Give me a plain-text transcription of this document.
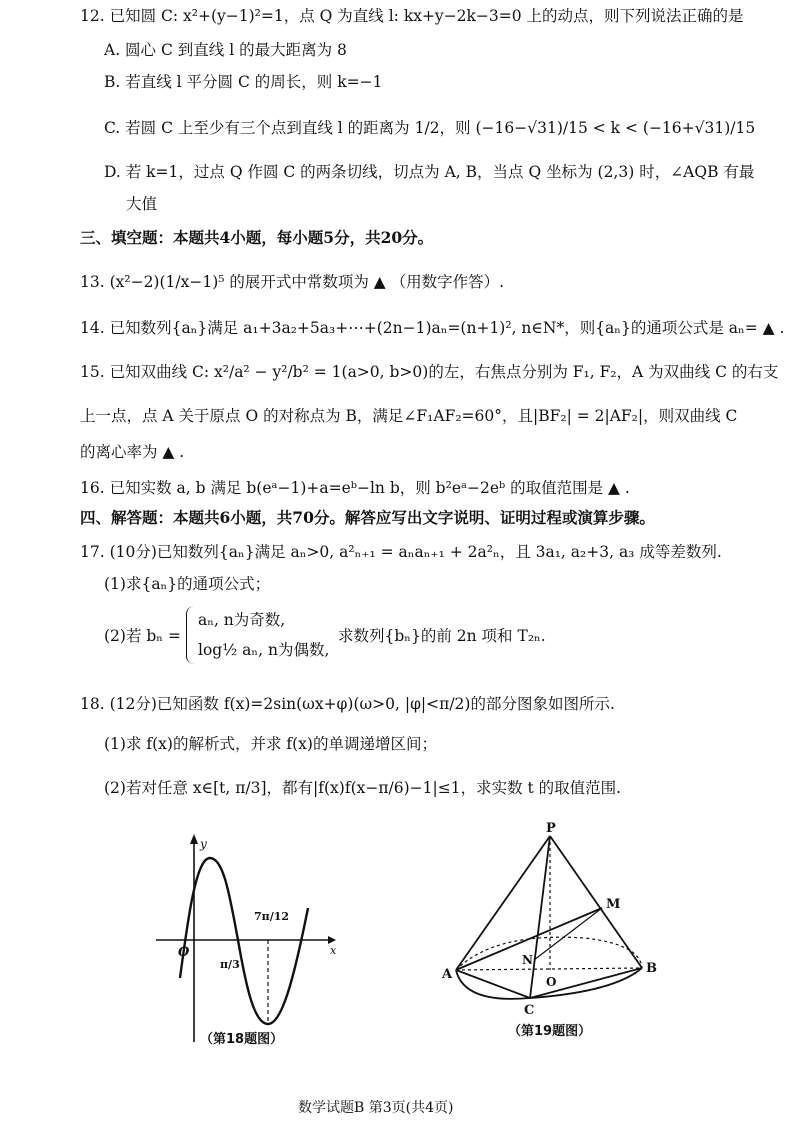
12. 已知圆 C: x²+(y−1)²=1，点 Q 为直线 l: kx+y−2k−3=0 上的动点，则下列说法正确的是
A. 圆心 C 到直线 l 的最大距离为 8
B. 若直线 l 平分圆 C 的周长，则 k=−1
C. 若圆 C 上至少有三个点到直线 l 的距离为 1/2，则 (−16−√31)/15 < k < (−16+√31)/15
D. 若 k=1，过点 Q 作圆 C 的两条切线，切点为 A, B，当点 Q 坐标为 (2,3) 时，∠AQB 有最
大值
三、填空题：本题共4小题，每小题5分，共20分。
13. (x²−2)(1/x−1)⁵ 的展开式中常数项为 ▲ （用数字作答）.
14. 已知数列{aₙ}满足 a₁+3a₂+5a₃+⋯+(2n−1)aₙ=(n+1)², n∈N*，则{aₙ}的通项公式是 aₙ= ▲ .
15. 已知双曲线 C: x²/a² − y²/b² = 1(a>0, b>0)的左，右焦点分别为 F₁, F₂，A 为双曲线 C 的右支
上一点，点 A 关于原点 O 的对称点为 B，满足∠F₁AF₂=60°，且|BF₂| = 2|AF₂|，则双曲线 C
的离心率为 ▲ .
16. 已知实数 a, b 满足 b(eᵃ−1)+a=eᵇ−ln b，则 b²eᵃ−2eᵇ 的取值范围是 ▲ .
四、解答题：本题共6小题，共70分。解答应写出文字说明、证明过程或演算步骤。
17. (10分)已知数列{aₙ}满足 aₙ>0, a²ₙ₊₁ = aₙaₙ₊₁ + 2a²ₙ，且 3a₁, a₂+3, a₃ 成等差数列.
(1)求{aₙ}的通项公式；
(2)若 bₙ =
aₙ, n为奇数,
log½ aₙ, n为偶数,
求数列{bₙ}的前 2n 项和 T₂ₙ.
18. (12分)已知函数 f(x)=2sin(ωx+φ)(ω>0, |φ|<π/2)的部分图象如图所示.
(1)求 f(x)的解析式，并求 f(x)的单调递增区间；
(2)若对任意 x∈[t, π/3]，都有|f(x)f(x−π/6)−1|≤1，求实数 t 的取值范围.
y
x
O
π/3
7π/12
（第18题图）
P
M
A	B
C
N
O
（第19题图）
数学试题B 第3页(共4页)
